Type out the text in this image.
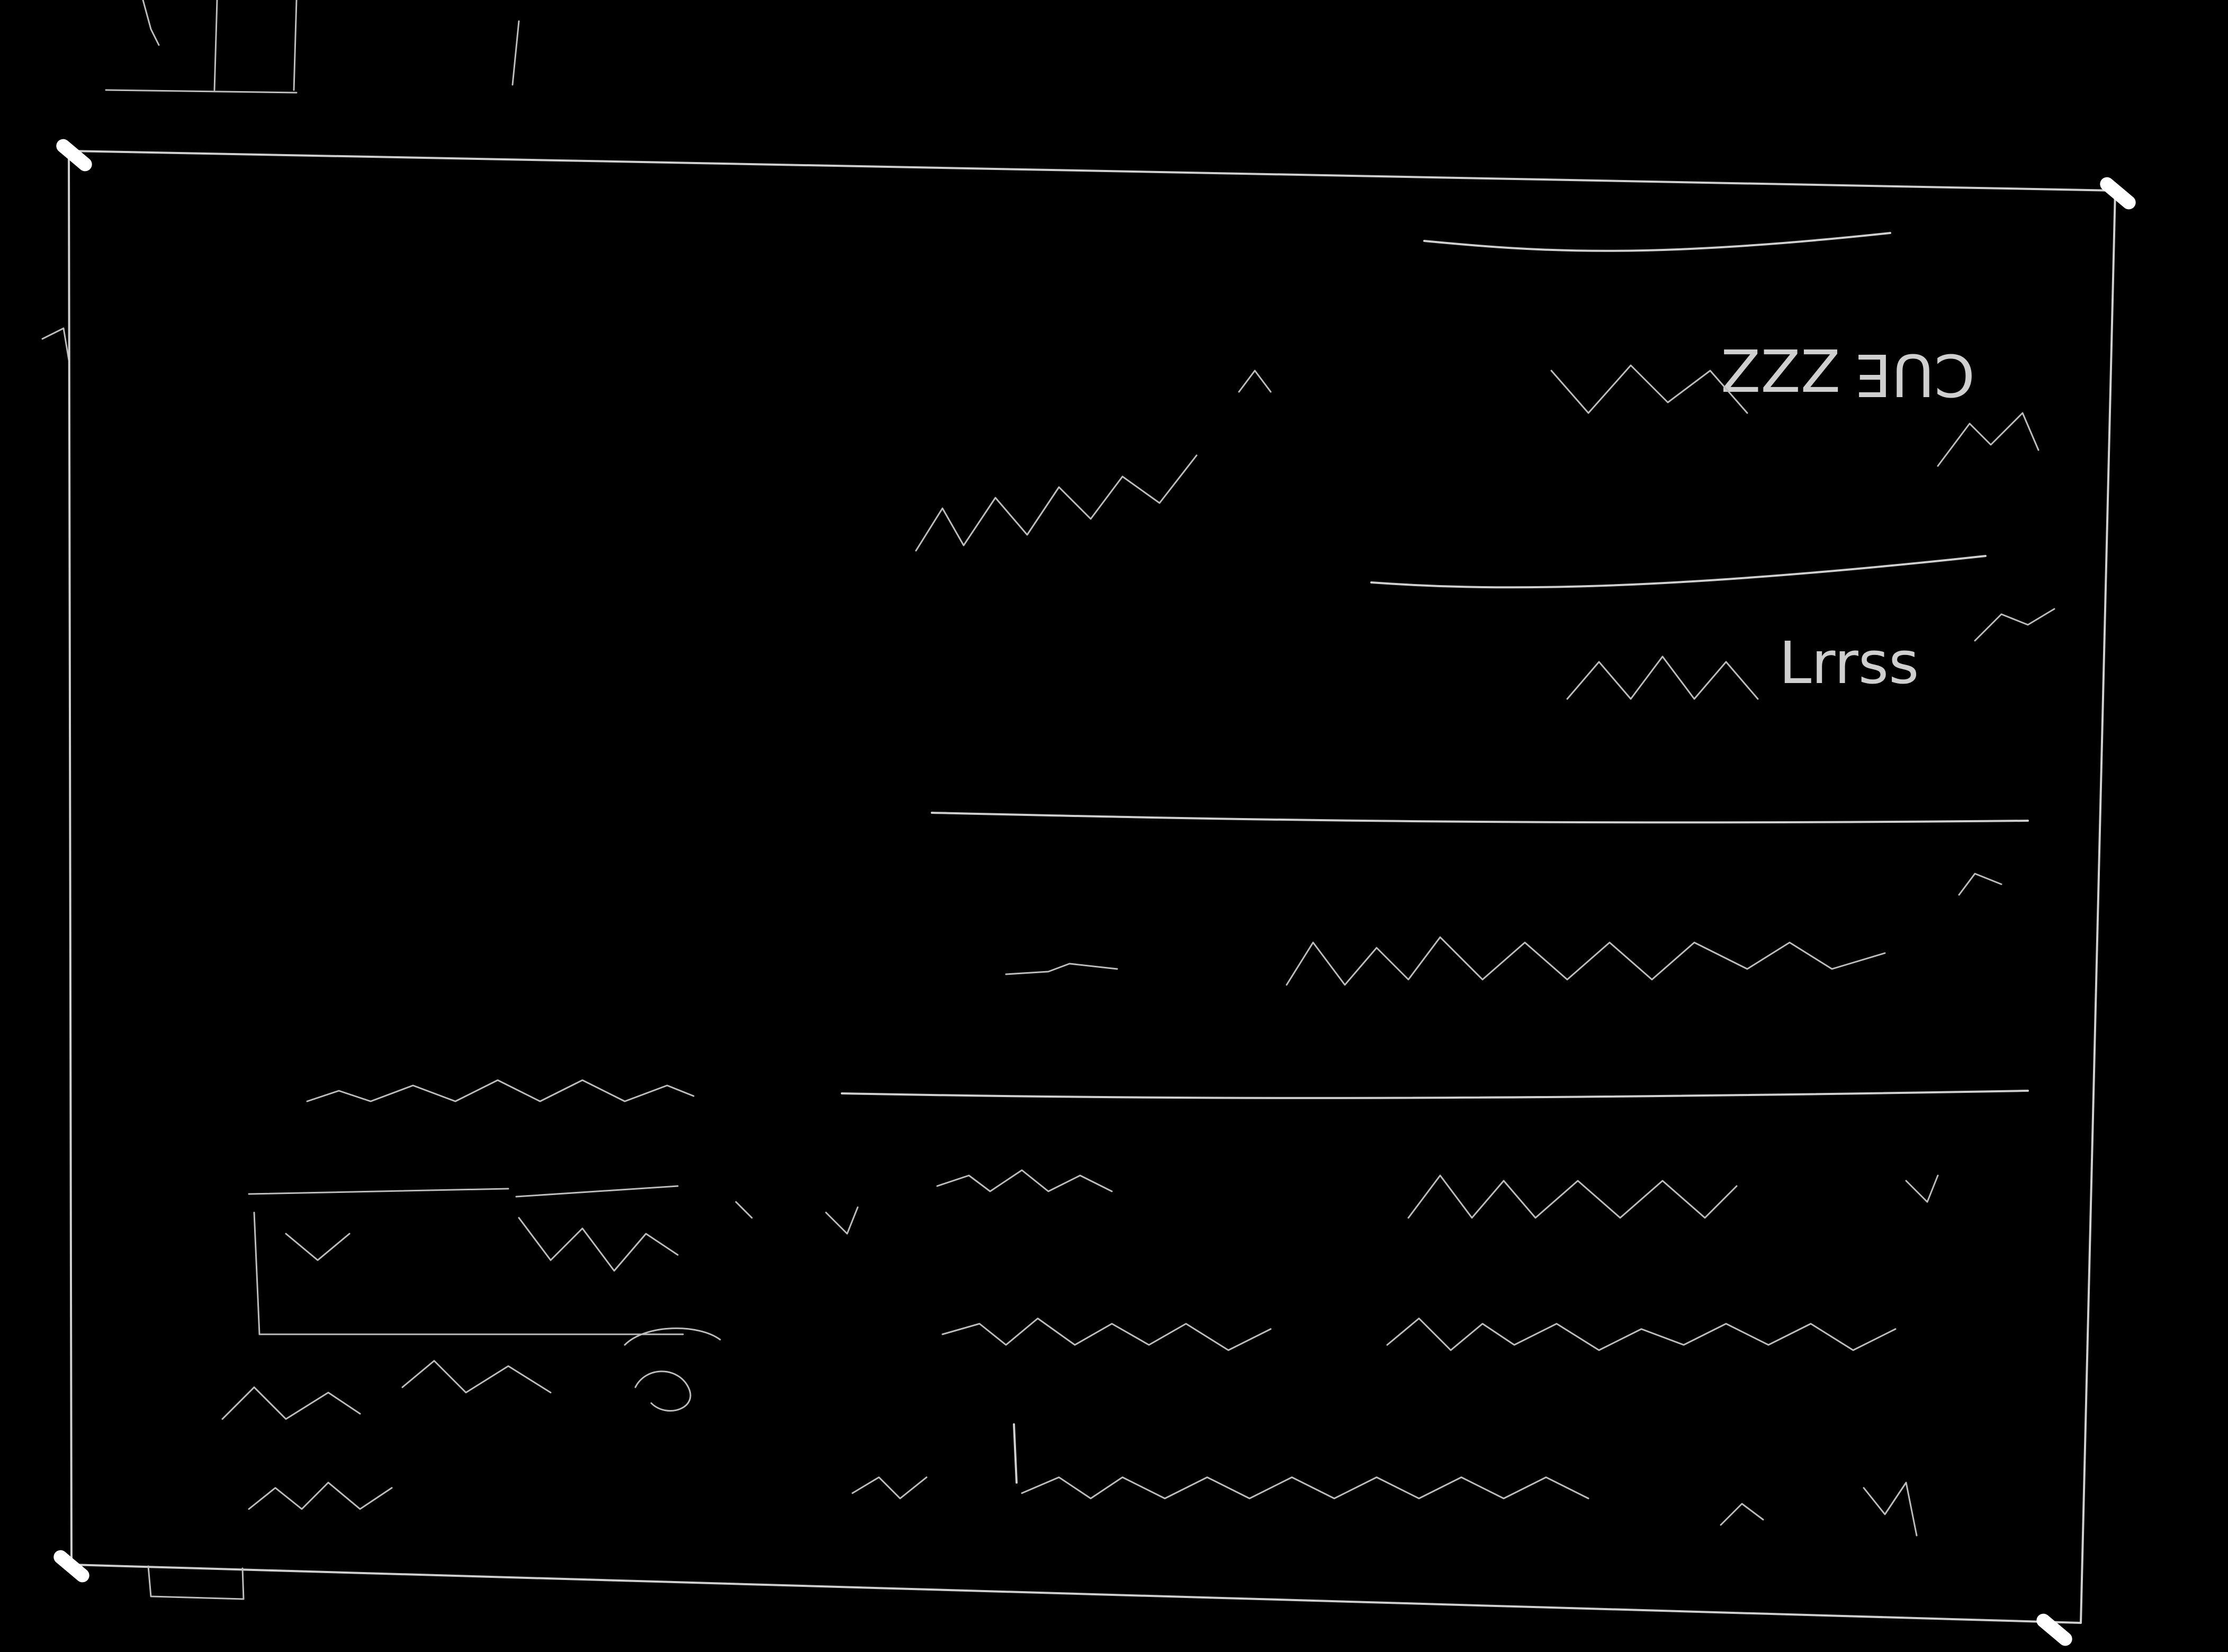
CUE
ZZZ
Lrrss
